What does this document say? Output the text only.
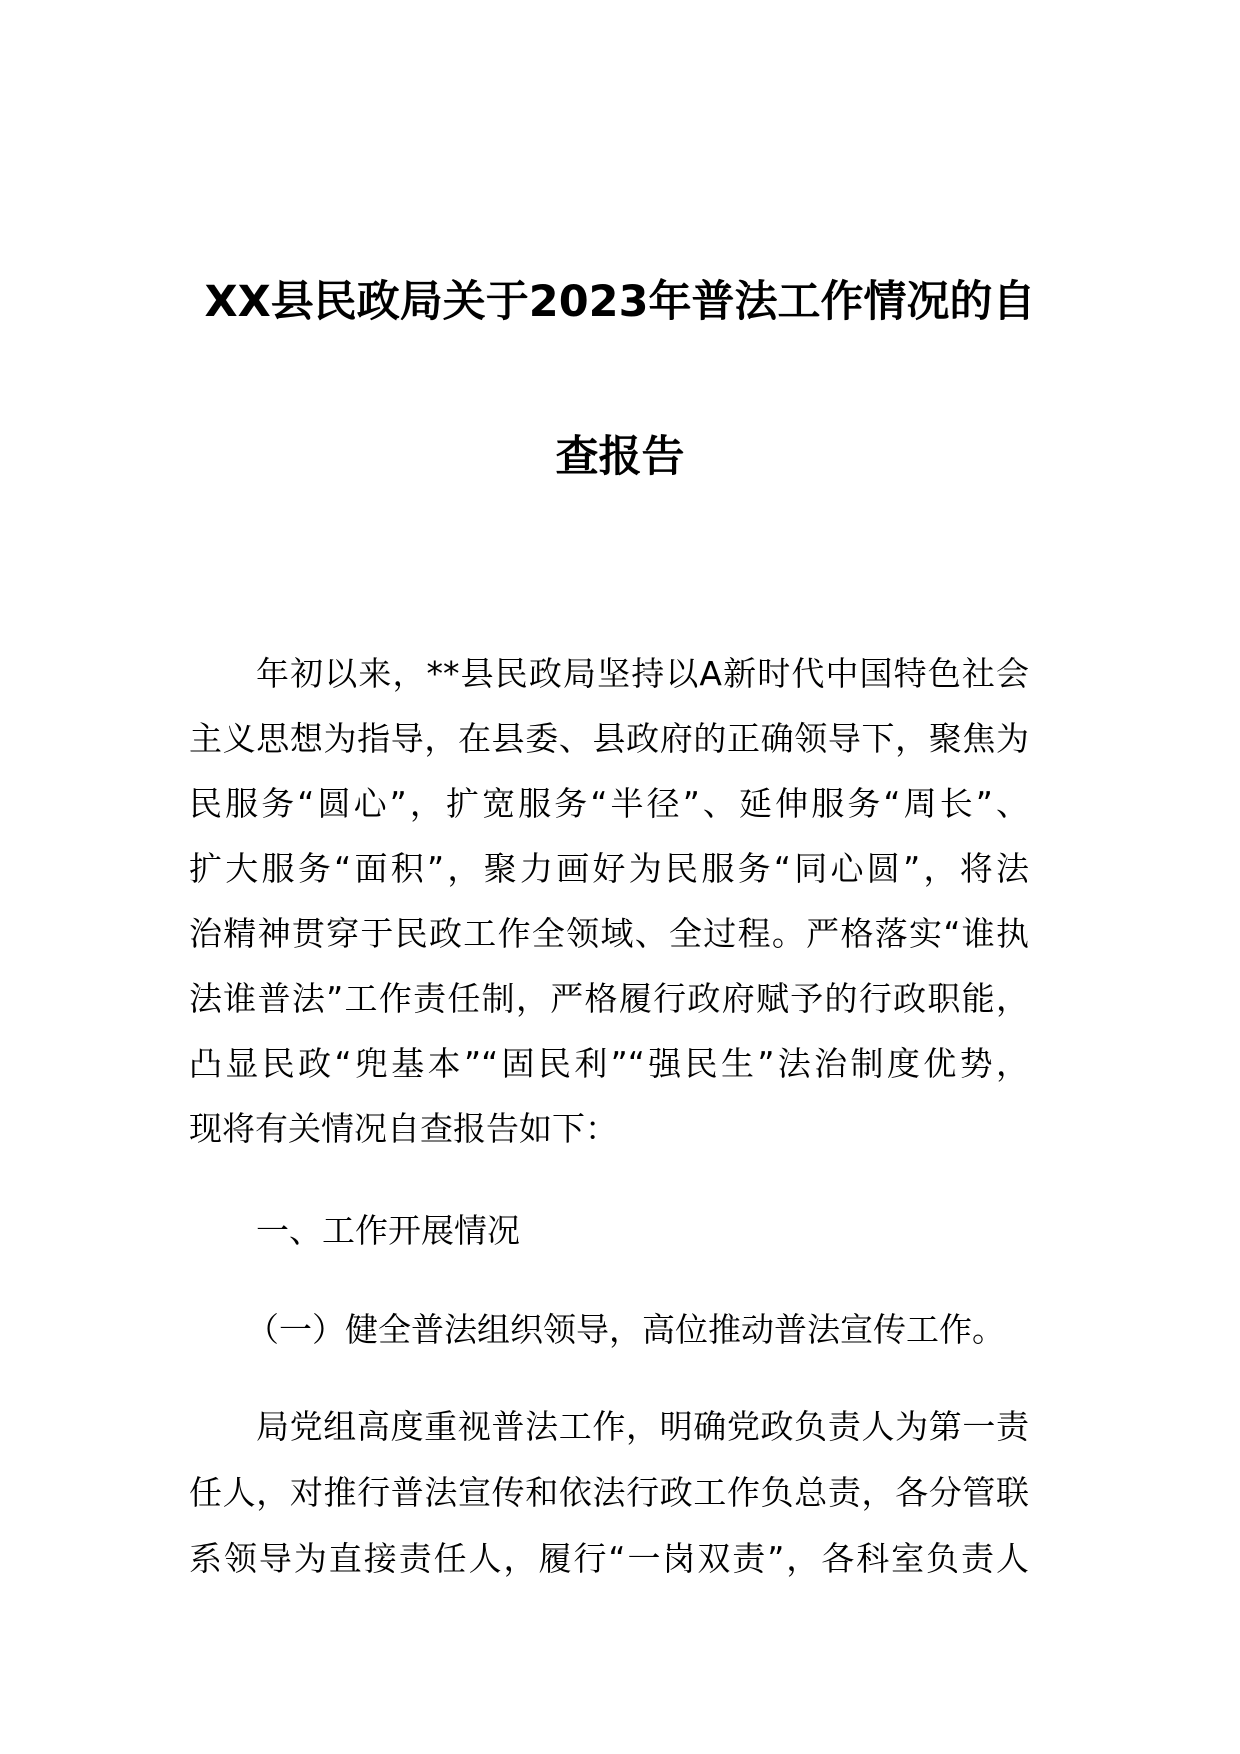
XX县民政局关于2023年普法工作情况的自
查报告
年初以来，**县民政局坚持以A新时代中国特色社会
主义思想为指导，在县委、县政府的正确领导下，聚焦为
民服务“圆心”，扩宽服务“半径”、延伸服务“周长”、
扩大服务“面积”，聚力画好为民服务“同心圆”，将法
治精神贯穿于民政工作全领域、全过程。严格落实“谁执
法谁普法”工作责任制，严格履行政府赋予的行政职能，
凸显民政“兜基本”“固民利”“强民生”法治制度优势，
现将有关情况自查报告如下：
一、工作开展情况
（一）健全普法组织领导，高位推动普法宣传工作。
局党组高度重视普法工作，明确党政负责人为第一责
任人，对推行普法宣传和依法行政工作负总责，各分管联
系领导为直接责任人，履行“一岗双责”，各科室负责人
